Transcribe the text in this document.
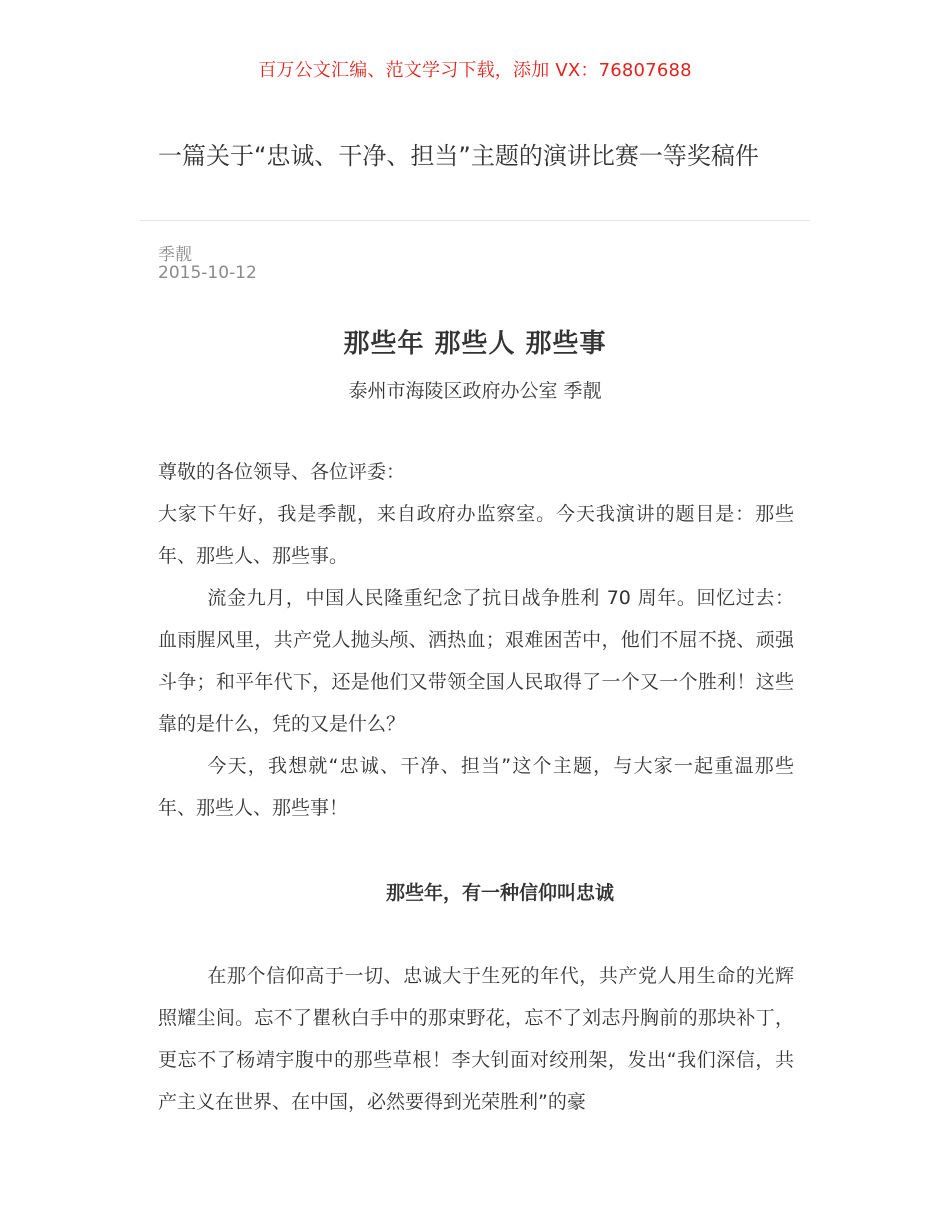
百万公文汇编、范文学习下载，添加 VX：76807688
一篇关于“忠诚、干净、担当”主题的演讲比赛一等奖稿件
季靓
2015-10-12
那些年 那些人 那些事
泰州市海陵区政府办公室 季靓

尊敬的各位领导、各位评委：

大家下午好，我是季靓，来自政府办监察室。今天我演讲的题目是：那些年、那些人、那些事。

流金九月，中国人民隆重纪念了抗日战争胜利 70 周年。回忆过去：血雨腥风里，共产党人抛头颅、洒热血；艰难困苦中，他们不屈不挠、顽强斗争；和平年代下，还是他们又带领全国人民取得了一个又一个胜利！这些靠的是什么，凭的又是什么？

今天，我想就“忠诚、干净、担当”这个主题，与大家一起重温那些年、那些人、那些事！

那些年，有一种信仰叫忠诚

在那个信仰高于一切、忠诚大于生死的年代，共产党人用生命的光辉照耀尘间。忘不了瞿秋白手中的那束野花，忘不了刘志丹胸前的那块补丁，更忘不了杨靖宇腹中的那些草根！李大钊面对绞刑架，发出“我们深信，共产主义在世界、在中国，必然要得到光荣胜利”的豪
